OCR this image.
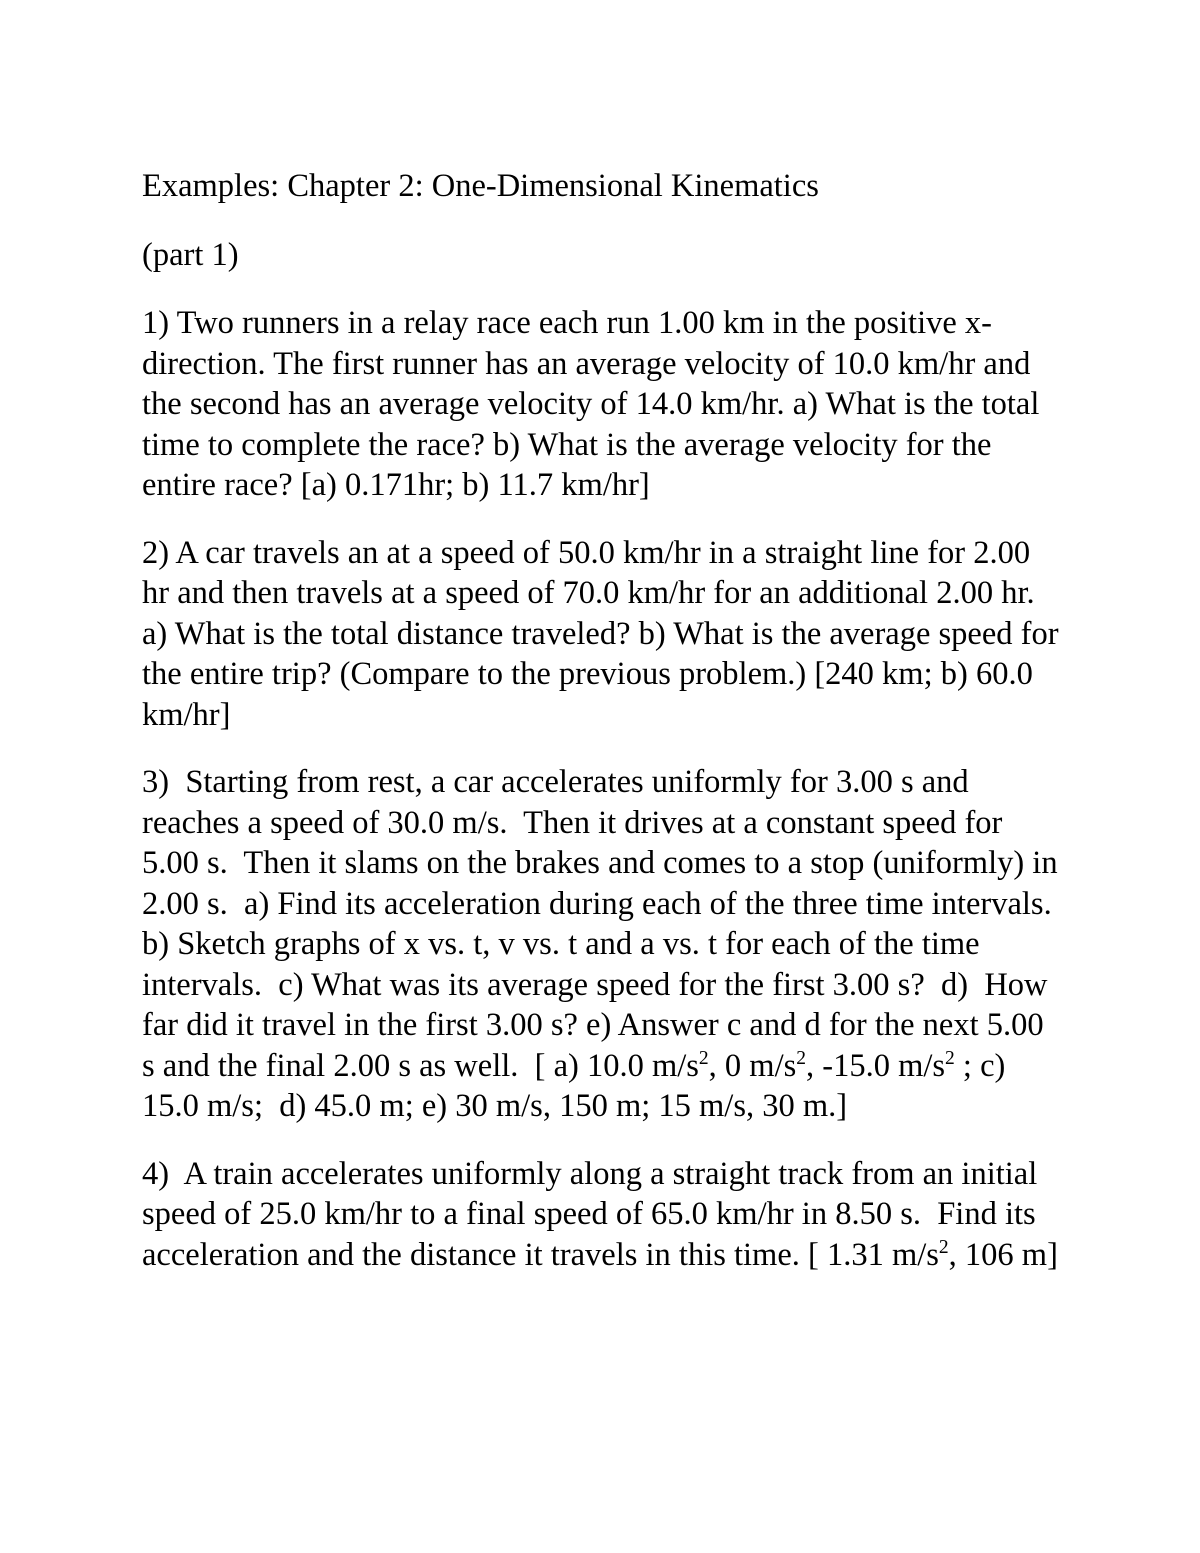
Examples: Chapter 2: One-Dimensional Kinematics
(part 1)
1) Two runners in a relay race each run 1.00 km in the positive x-direction. The first runner has an average velocity of 10.0 km/hr and the second has an average velocity of 14.0 km/hr. a) What is the total time to complete the race? b) What is the average velocity for the entire race? [a) 0.171hr; b) 11.7 km/hr]
2) A car travels an at a speed of 50.0 km/hr in a straight line for 2.00 hr and then travels at a speed of 70.0 km/hr for an additional 2.00 hr. a) What is the total distance traveled? b) What is the average speed for the entire trip? (Compare to the previous problem.) [240 km; b) 60.0 km/hr]
3)  Starting from rest, a car accelerates uniformly for 3.00 s and reaches a speed of 30.0 m/s.  Then it drives at a constant speed for 5.00 s.  Then it slams on the brakes and comes to a stop (uniformly) in 2.00 s.  a) Find its acceleration during each of the three time intervals.  b) Sketch graphs of x vs. t, v vs. t and a vs. t for each of the time intervals.  c) What was its average speed for the first 3.00 s?  d)  How far did it travel in the first 3.00 s? e) Answer c and d for the next 5.00 s and the final 2.00 s as well.  [ a) 10.0 $m/s^2$, 0 $m/s^2$, -15.0 $m/s^2$ ; c) 15.0 m/s;  d) 45.0 m; e) 30 m/s, 150 m; 15 m/s, 30 m.]
4)  A train accelerates uniformly along a straight track from an initial speed of 25.0 km/hr to a final speed of 65.0 km/hr in 8.50 s.  Find its acceleration and the distance it travels in this time. [ 1.31 $m/s^2$, 106 m]
